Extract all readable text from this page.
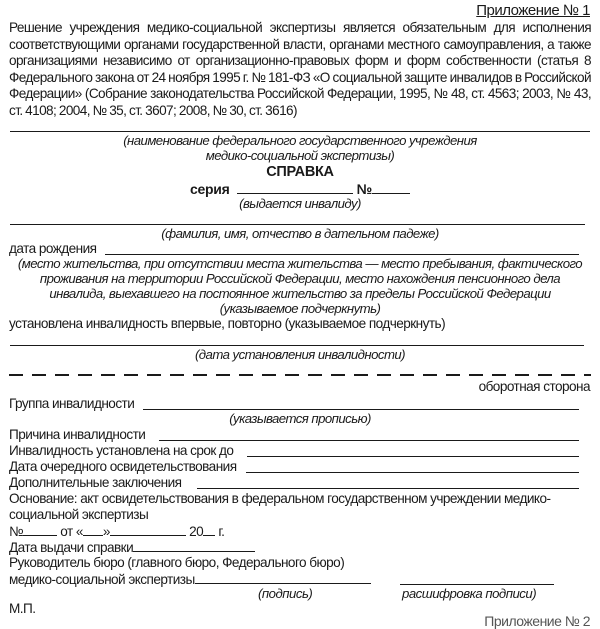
Приложение № 1
Решение учреждения медико-социальной экспертизы является обязательным для исполнения соответствующими органами государственной власти, органами местного самоуправления, а также организациями независимо от организационно-правовых форм и форм собственности (статья 8 Федерального закона от 24 ноября 1995 г. № 181-ФЗ «О социальной защите инвалидов в Российской Федерации» (Собрание законодательства Российской Федерации, 1995, № 48, ст. 4563; 2003, № 43, ст. 4108; 2004, № 35, ст. 3607; 2008, № 30, ст. 3616)
(наименование федерального государственного учреждения
медико-социальной экспертизы)
СПРАВКА
серия	№
(выдается инвалиду)
(фамилия, имя, отчество в дательном падеже)
дата рождения
(место жительства, при отсутствии места жительства — место пребывания, фактического
проживания на территории Российской Федерации, место нахождения пенсионного дела
инвалида, выехавшего на постоянное жительство за пределы Российской Федерации
(указываемое подчеркнуть)
установлена инвалидность впервые, повторно (указываемое подчеркнуть)
(дата установления инвалидности)
оборотная сторона
Группа инвалидности
(указывается прописью)
Причина инвалидности
Инвалидность установлена на срок до
Дата очередного освидетельствования
Дополнительные заключения
Основание: акт освидетельствования в федеральном государственном учреждении медико-
социальной экспертизы
№	от « »	20 г.
Дата выдачи справки
Руководитель бюро (главного бюро, Федерального бюро)
медико-социальной экспертизы
(подпись)	расшифровка подписи)
М.П.
Приложение № 2
